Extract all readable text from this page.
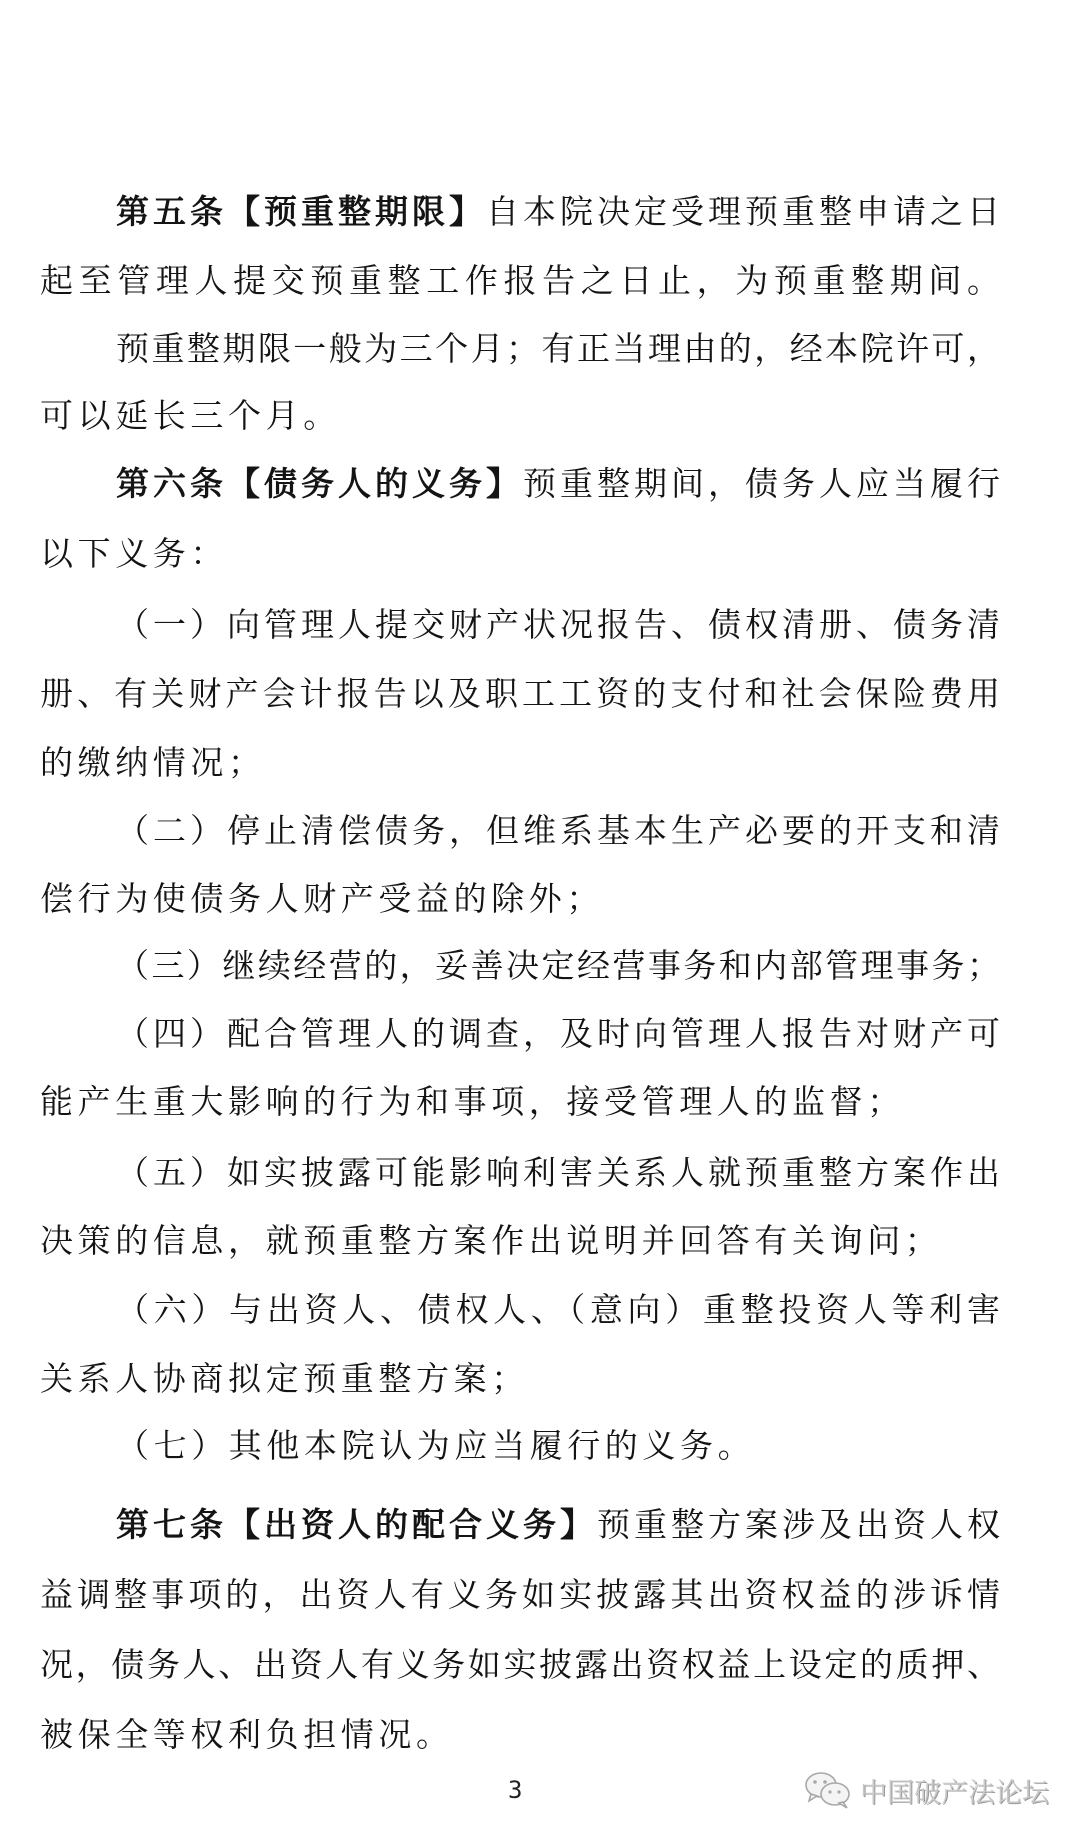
第五条【预重整期限】自本院决定受理预重整申请之日
起至管理人提交预重整工作报告之日止，为预重整期间。
预重整期限一般为三个月；有正当理由的，经本院许可，
可以延长三个月。
第六条【债务人的义务】预重整期间，债务人应当履行
以下义务：
（一）向管理人提交财产状况报告、债权清册、债务清
册、有关财产会计报告以及职工工资的支付和社会保险费用
的缴纳情况；
（二）停止清偿债务，但维系基本生产必要的开支和清
偿行为使债务人财产受益的除外；
（三）继续经营的，妥善决定经营事务和内部管理事务；
（四）配合管理人的调查，及时向管理人报告对财产可
能产生重大影响的行为和事项，接受管理人的监督；
（五）如实披露可能影响利害关系人就预重整方案作出
决策的信息，就预重整方案作出说明并回答有关询问；
（六）与出资人、债权人、（意向）重整投资人等利害
关系人协商拟定预重整方案；
（七）其他本院认为应当履行的义务。
第七条【出资人的配合义务】预重整方案涉及出资人权
益调整事项的，出资人有义务如实披露其出资权益的涉诉情
况，债务人、出资人有义务如实披露出资权益上设定的质押、
被保全等权利负担情况。
3	中国破产法论坛
